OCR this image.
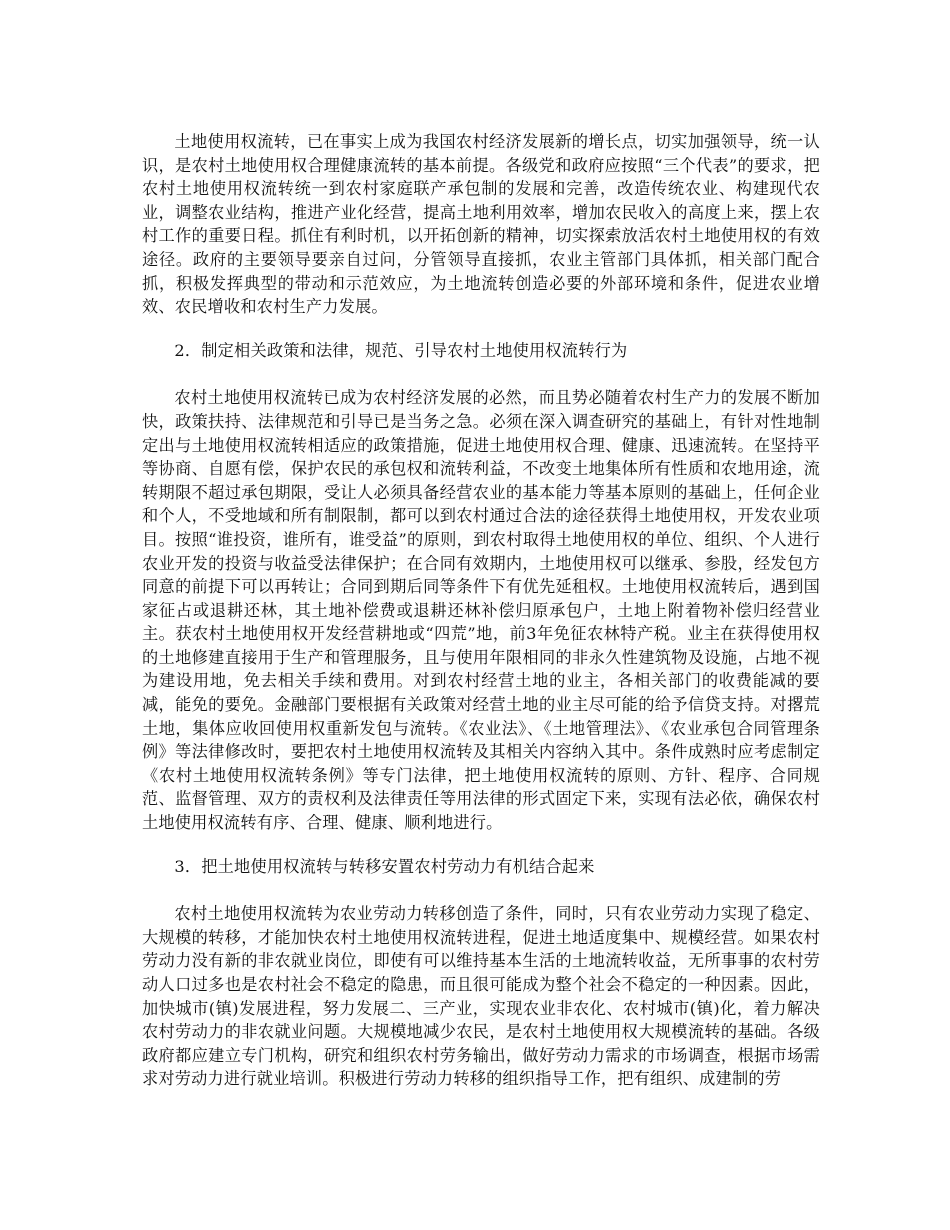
土地使用权流转，已在事实上成为我国农村经济发展新的增长点，切实加强领导，统一认识，是农村土地使用权合理健康流转的基本前提。各级党和政府应按照“三个代表”的要求，把农村土地使用权流转统一到农村家庭联产承包制的发展和完善，改造传统农业、构建现代农业，调整农业结构，推进产业化经营，提高土地利用效率，增加农民收入的高度上来，摆上农村工作的重要日程。抓住有利时机，以开拓创新的精神，切实探索放活农村土地使用权的有效途径。政府的主要领导要亲自过问，分管领导直接抓，农业主管部门具体抓，相关部门配合抓，积极发挥典型的带动和示范效应，为土地流转创造必要的外部环境和条件，促进农业增效、农民增收和农村生产力发展。

2．制定相关政策和法律，规范、引导农村土地使用权流转行为

农村土地使用权流转已成为农村经济发展的必然，而且势必随着农村生产力的发展不断加快，政策扶持、法律规范和引导已是当务之急。必须在深入调查研究的基础上，有针对性地制定出与土地使用权流转相适应的政策措施，促进土地使用权合理、健康、迅速流转。在坚持平等协商、自愿有偿，保护农民的承包权和流转利益，不改变土地集体所有性质和农地用途，流转期限不超过承包期限，受让人必须具备经营农业的基本能力等基本原则的基础上，任何企业和个人，不受地域和所有制限制，都可以到农村通过合法的途径获得土地使用权，开发农业项目。按照“谁投资，谁所有，谁受益”的原则，到农村取得土地使用权的单位、组织、个人进行农业开发的投资与收益受法律保护；在合同有效期内，土地使用权可以继承、参股，经发包方同意的前提下可以再转让；合同到期后同等条件下有优先延租权。土地使用权流转后，遇到国家征占或退耕还林，其土地补偿费或退耕还林补偿归原承包户，土地上附着物补偿归经营业主。获农村土地使用权开发经营耕地或“四荒”地，前3年免征农林特产税。业主在获得使用权的土地修建直接用于生产和管理服务，且与使用年限相同的非永久性建筑物及设施，占地不视为建设用地，免去相关手续和费用。对到农村经营土地的业主，各相关部门的收费能减的要减，能免的要免。金融部门要根据有关政策对经营土地的业主尽可能的给予信贷支持。对撂荒土地，集体应收回使用权重新发包与流转。《农业法》、《土地管理法》、《农业承包合同管理条例》等法律修改时，要把农村土地使用权流转及其相关内容纳入其中。条件成熟时应考虑制定《农村土地使用权流转条例》等专门法律，把土地使用权流转的原则、方针、程序、合同规范、监督管理、双方的责权利及法律责任等用法律的形式固定下来，实现有法必依，确保农村土地使用权流转有序、合理、健康、顺利地进行。

3．把土地使用权流转与转移安置农村劳动力有机结合起来

农村土地使用权流转为农业劳动力转移创造了条件，同时，只有农业劳动力实现了稳定、大规模的转移，才能加快农村土地使用权流转进程，促进土地适度集中、规模经营。如果农村劳动力没有新的非农就业岗位，即使有可以维持基本生活的土地流转收益，无所事事的农村劳动人口过多也是农村社会不稳定的隐患，而且很可能成为整个社会不稳定的一种因素。因此，加快城市(镇)发展进程，努力发展二、三产业，实现农业非农化、农村城市(镇)化，着力解决农村劳动力的非农就业问题。大规模地减少农民，是农村土地使用权大规模流转的基础。各级政府都应建立专门机构，研究和组织农村劳务输出，做好劳动力需求的市场调查，根据市场需求对劳动力进行就业培训。积极进行劳动力转移的组织指导工作，把有组织、成建制的劳
